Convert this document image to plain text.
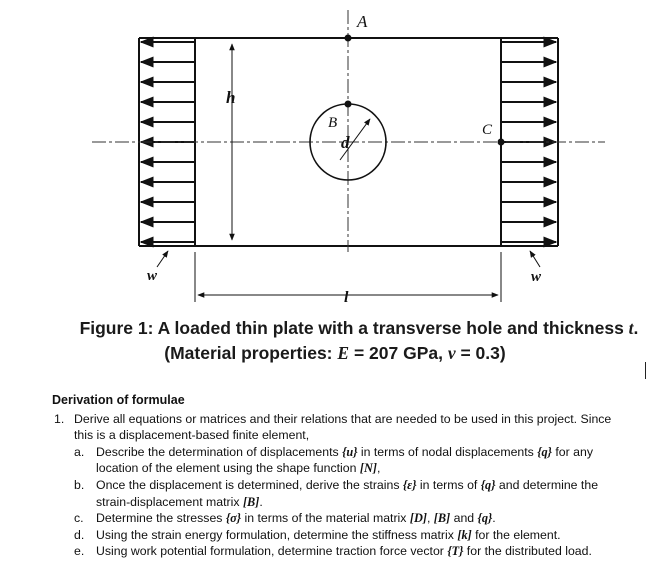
A
B	C
d
h
l
w	w
Figure 1: A loaded thin plate with a transverse hole and thickness t.
(Material properties: E = 207 GPa, ν = 0.3)
Derivation of formulae
1. Derive all equations or matrices and their relations that are needed to be used in this project. Since
this is a displacement-based finite element,
a. Describe the determination of displacements {u} in terms of nodal displacements {q} for any
location of the element using the shape function [N],
b. Once the displacement is determined, derive the strains {ε} in terms of {q} and determine the
strain-displacement matrix [B].
c. Determine the stresses {σ} in terms of the material matrix [D], [B] and {q}.
d. Using the strain energy formulation, determine the stiffness matrix [k] for the element.
e. Using work potential formulation, determine traction force vector {T} for the distributed load.
